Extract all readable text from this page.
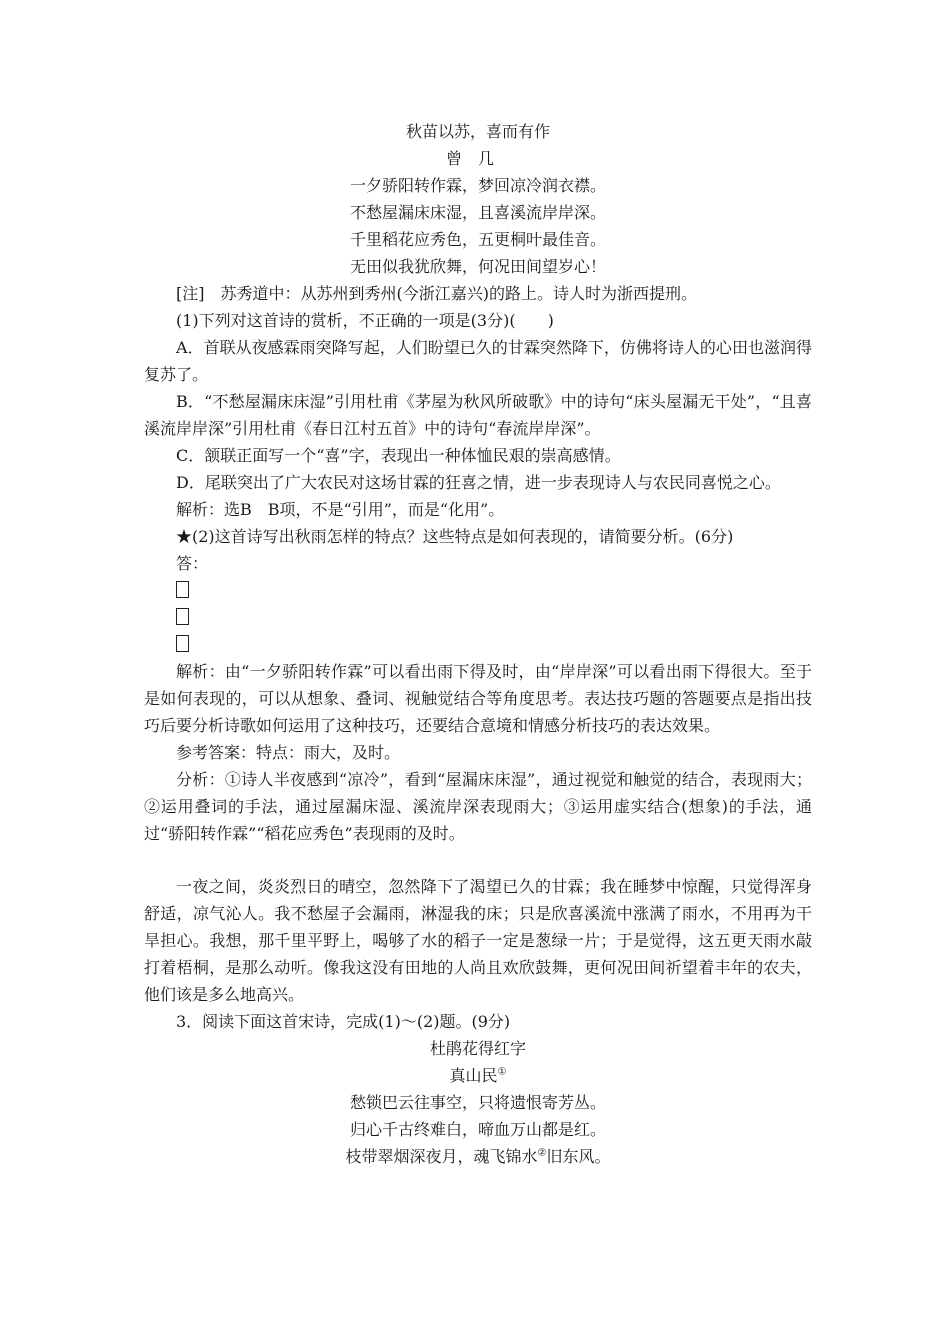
秋苗以苏，喜而有作
曾几
一夕骄阳转作霖，梦回凉冷润衣襟。
不愁屋漏床床湿，且喜溪流岸岸深。
千里稻花应秀色，五更桐叶最佳音。
无田似我犹欣舞，何况田间望岁心！
[注]　苏秀道中：从苏州到秀州(今浙江嘉兴)的路上。诗人时为浙西提刑。
(1)下列对这首诗的赏析，不正确的一项是(3分)(　　)
A．首联从夜感霖雨突降写起，人们盼望已久的甘霖突然降下，仿佛将诗人的心田也滋润得复苏了。
B．“不愁屋漏床床湿”引用杜甫《茅屋为秋风所破歌》中的诗句“床头屋漏无干处”，“且喜溪流岸岸深”引用杜甫《春日江村五首》中的诗句“春流岸岸深”。
C．颔联正面写一个“喜”字，表现出一种体恤民艰的崇高感情。
D．尾联突出了广大农民对这场甘霖的狂喜之情，进一步表现诗人与农民同喜悦之心。
解析：选B　B项，不是“引用”，而是“化用”。
★(2)这首诗写出秋雨怎样的特点？这些特点是如何表现的，请简要分析。(6分)
答：
解析：由“一夕骄阳转作霖”可以看出雨下得及时，由“岸岸深”可以看出雨下得很大。至于是如何表现的，可以从想象、叠词、视触觉结合等角度思考。表达技巧题的答题要点是指出技巧后要分析诗歌如何运用了这种技巧，还要结合意境和情感分析技巧的表达效果。
参考答案：特点：雨大，及时。
分析：①诗人半夜感到“凉冷”，看到“屋漏床床湿”，通过视觉和触觉的结合，表现雨大；②运用叠词的手法，通过屋漏床湿、溪流岸深表现雨大；③运用虚实结合(想象)的手法，通过“骄阳转作霖”“稻花应秀色”表现雨的及时。
一夜之间，炎炎烈日的晴空，忽然降下了渴望已久的甘霖；我在睡梦中惊醒，只觉得浑身舒适，凉气沁人。我不愁屋子会漏雨，淋湿我的床；只是欣喜溪流中涨满了雨水，不用再为干旱担心。我想，那千里平野上，喝够了水的稻子一定是葱绿一片；于是觉得，这五更天雨水敲打着梧桐，是那么动听。像我这没有田地的人尚且欢欣鼓舞，更何况田间祈望着丰年的农夫，他们该是多么地高兴。
3．阅读下面这首宋诗，完成(1)～(2)题。(9分)
杜鹃花得红字
真山民①
愁锁巴云往事空，只将遗恨寄芳丛。
归心千古终难白，啼血万山都是红。
枝带翠烟深夜月，魂飞锦水②旧东风。
